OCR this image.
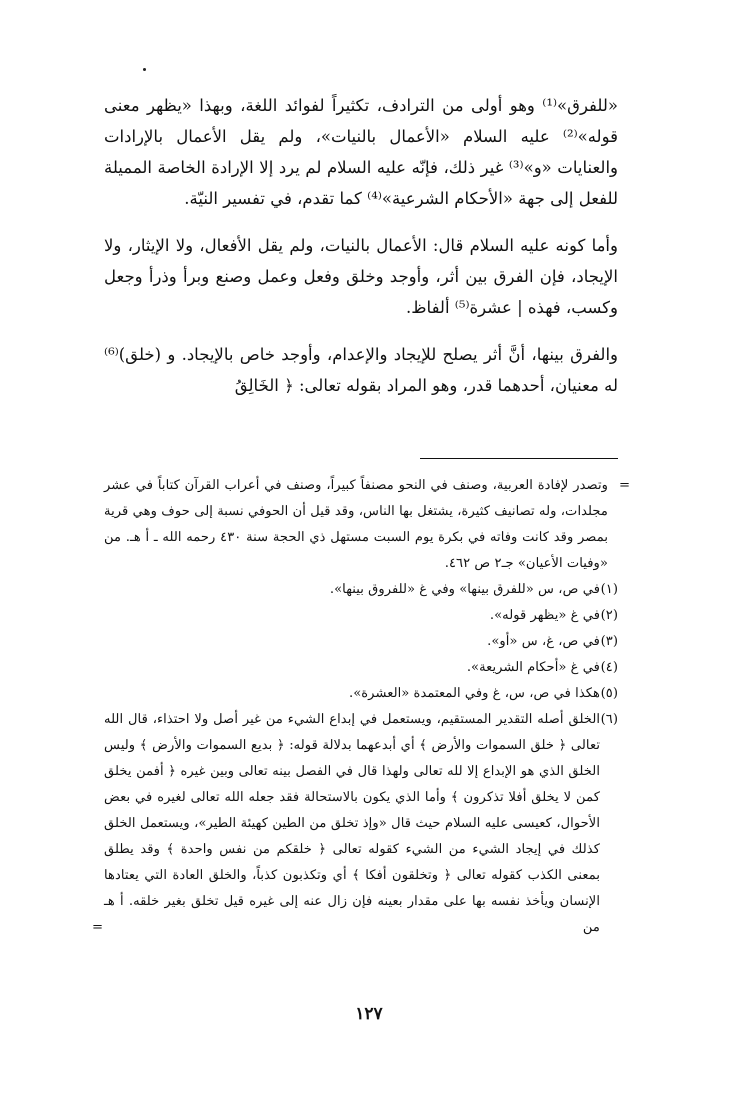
«للفرق»⁽¹⁾ وهو أولى من الترادف، تكثيراً لفوائد اللغة، وبهذا «يظهر معنى قوله»⁽²⁾ عليه السلام «الأعمال بالنيات»، ولم يقل الأعمال بالإرادات والعنايات «و»⁽³⁾ غير ذلك، فإنّه عليه السلام لم يرد إلا الإرادة الخاصة المميلة للفعل إلى جهة «الأحكام الشرعية»⁽⁴⁾ كما تقدم، في تفسير النيّة.

وأما كونه عليه السلام قال: الأعمال بالنيات، ولم يقل الأفعال، ولا الإيثار، ولا الإيجاد، فإن الفرق بين أثر، وأوجد وخلق وفعل وعمل وصنع وبرأ وذرأ وجعل وكسب، فهذه | عشرة⁽⁵⁾ ألفاظ.

والفرق بينها، أنَّ أثر يصلح للإيجاد والإعدام، وأوجد خاص بالإيجاد. و (خلق)⁽⁶⁾ له معنيان، أحدهما قدر، وهو المراد بقوله تعالى: ﴿ الخَالِقُ

=
وتصدر لإفادة العربية، وصنف في النحو مصنفاً كبيراً، وصنف في أعراب القرآن كتاباً في عشر مجلدات، وله تصانيف كثيرة، يشتغل بها الناس، وقد قيل أن الحوفي نسبة إلى حوف وهي قرية بمصر وقد كانت وفاته في بكرة يوم السبت مستهل ذي الحجة سنة ٤٣٠ رحمه الله ـ أ هـ. من «وفيات الأعيان» جـ٢ ص ٤٦٢.

(١)
في ص، س «للفرق بينها» وفي غ «للفروق بينها».

(٢)
في غ «يظهر قوله».

(٣)
في ص، غ، س «أو».

(٤)
في غ «أحكام الشريعة».

(٥)
هكذا في ص، س، غ وفي المعتمدة «العشرة».

(٦)
الخلق أصله التقدير المستقيم، ويستعمل في إبداع الشيء من غير أصل ولا احتذاء، قال الله تعالى ﴿ خلق السموات والأرض ﴾ أي أبدعهما بدلالة قوله: ﴿ بديع السموات والأرض ﴾ وليس الخلق الذي هو الإبداع إلا لله تعالى ولهذا قال في الفصل بينه تعالى وبين غيره ﴿ أفمن يخلق كمن لا يخلق أفلا تذكرون ﴾ وأما الذي يكون بالاستحالة فقد جعله الله تعالى لغيره في بعض الأحوال، كعيسى عليه السلام حيث قال «وإذ تخلق من الطين كهيئة الطير»، ويستعمل الخلق كذلك في إيجاد الشيء من الشيء كقوله تعالى ﴿ خلقكم من نفس واحدة ﴾ وقد يطلق بمعنى الكذب كقوله تعالى ﴿ وتخلقون أفكا ﴾ أي وتكذبون كذباً، والخلق العادة التي يعتادها الإنسان ويأخذ نفسه بها على مقدار بعينه فإن زال عنه إلى غيره قيل تخلق بغير خلقه. أ هـ من
=

١٢٧
